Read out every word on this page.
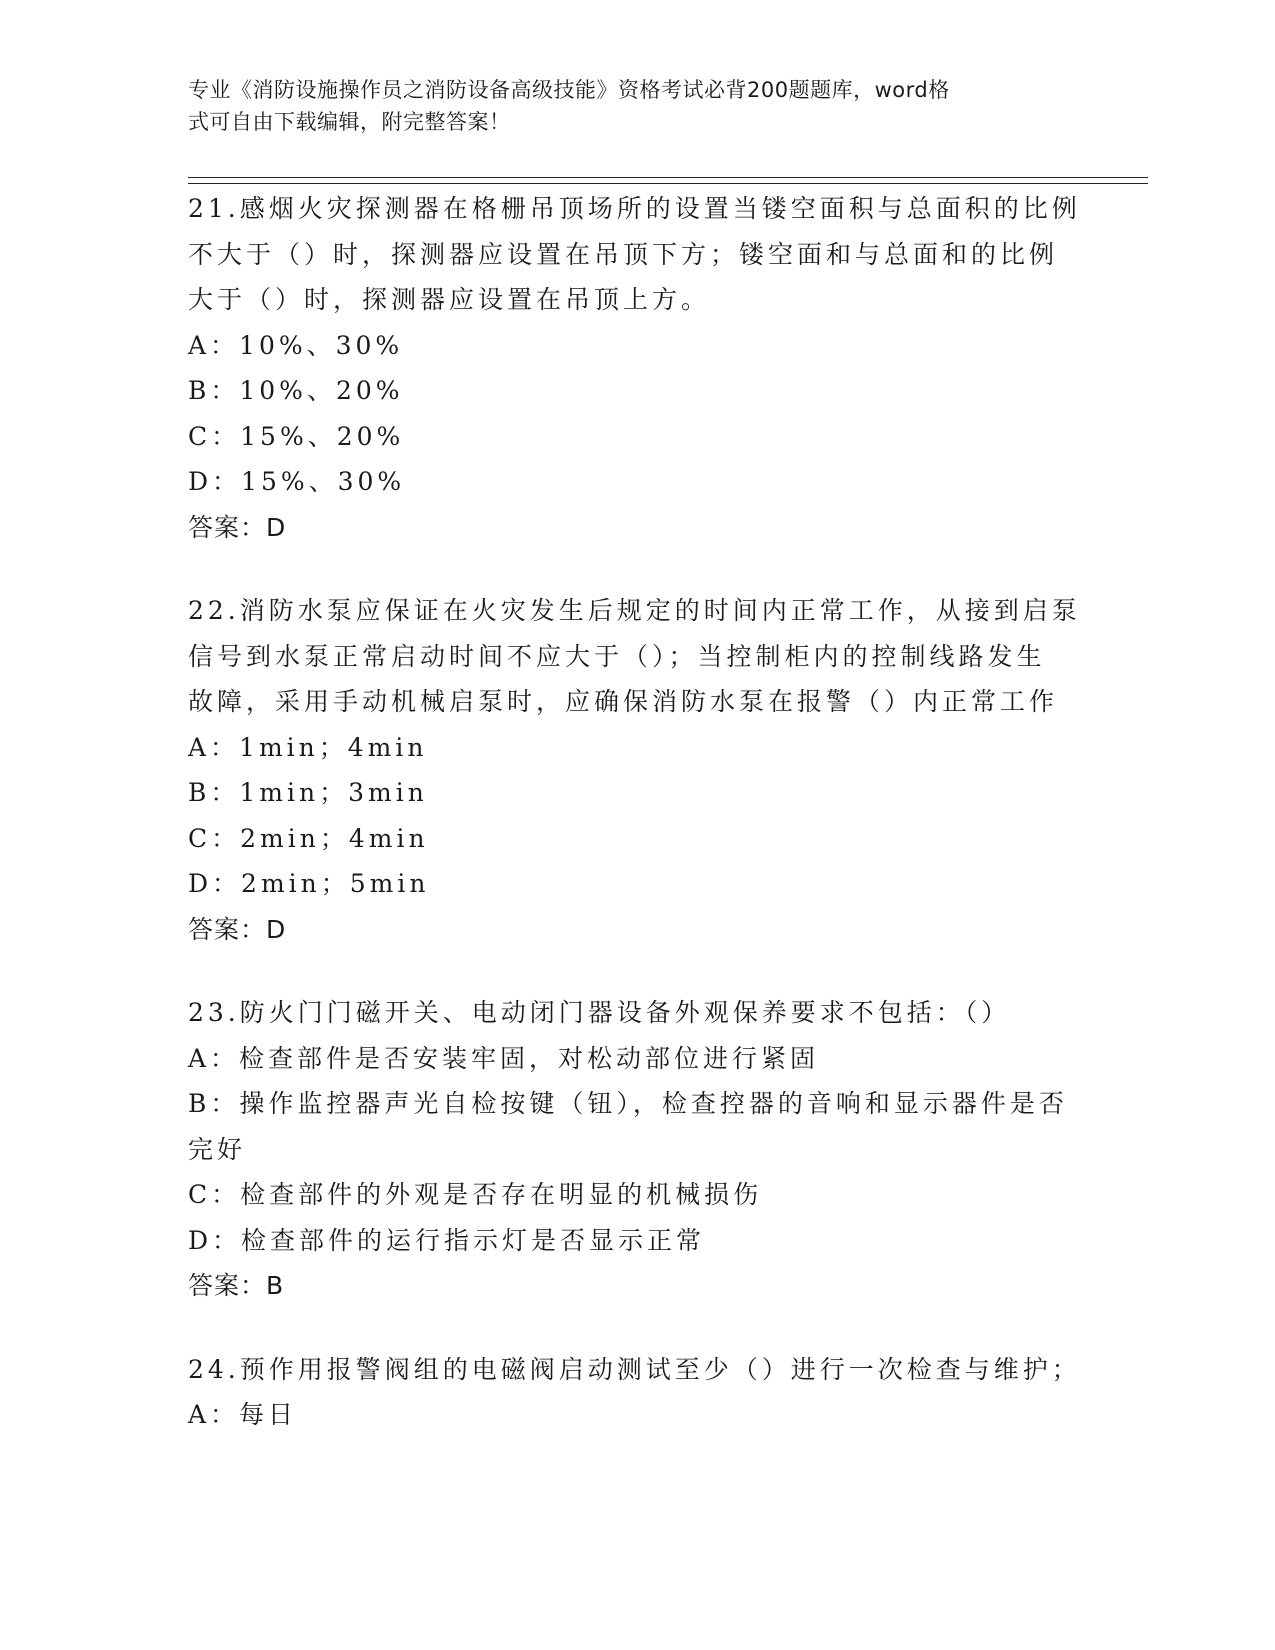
专业《消防设施操作员之消防设备高级技能》资格考试必背200题题库，word格
式可自由下载编辑，附完整答案！
21.感烟火灾探测器在格栅吊顶场所的设置当镂空面积与总面积的比例
不大于（）时，探测器应设置在吊顶下方；镂空面和与总面和的比例
大于（）时，探测器应设置在吊顶上方。
A：10%、30%
B：10%、20%
C：15%、20%
D：15%、30%
答案：D
22.消防水泵应保证在火灾发生后规定的时间内正常工作，从接到启泵
信号到水泵正常启动时间不应大于（）；当控制柜内的控制线路发生
故障，采用手动机械启泵时，应确保消防水泵在报警（）内正常工作
A：1min；4min
B：1min；3min
C：2min；4min
D：2min；5min
答案：D
23.防火门门磁开关、电动闭门器设备外观保养要求不包括：（）
A：检查部件是否安装牢固，对松动部位进行紧固
B：操作监控器声光自检按键（钮），检查控器的音响和显示器件是否
完好
C：检查部件的外观是否存在明显的机械损伤
D：检查部件的运行指示灯是否显示正常
答案：B
24.预作用报警阀组的电磁阀启动测试至少（）进行一次检查与维护；
A：每日
